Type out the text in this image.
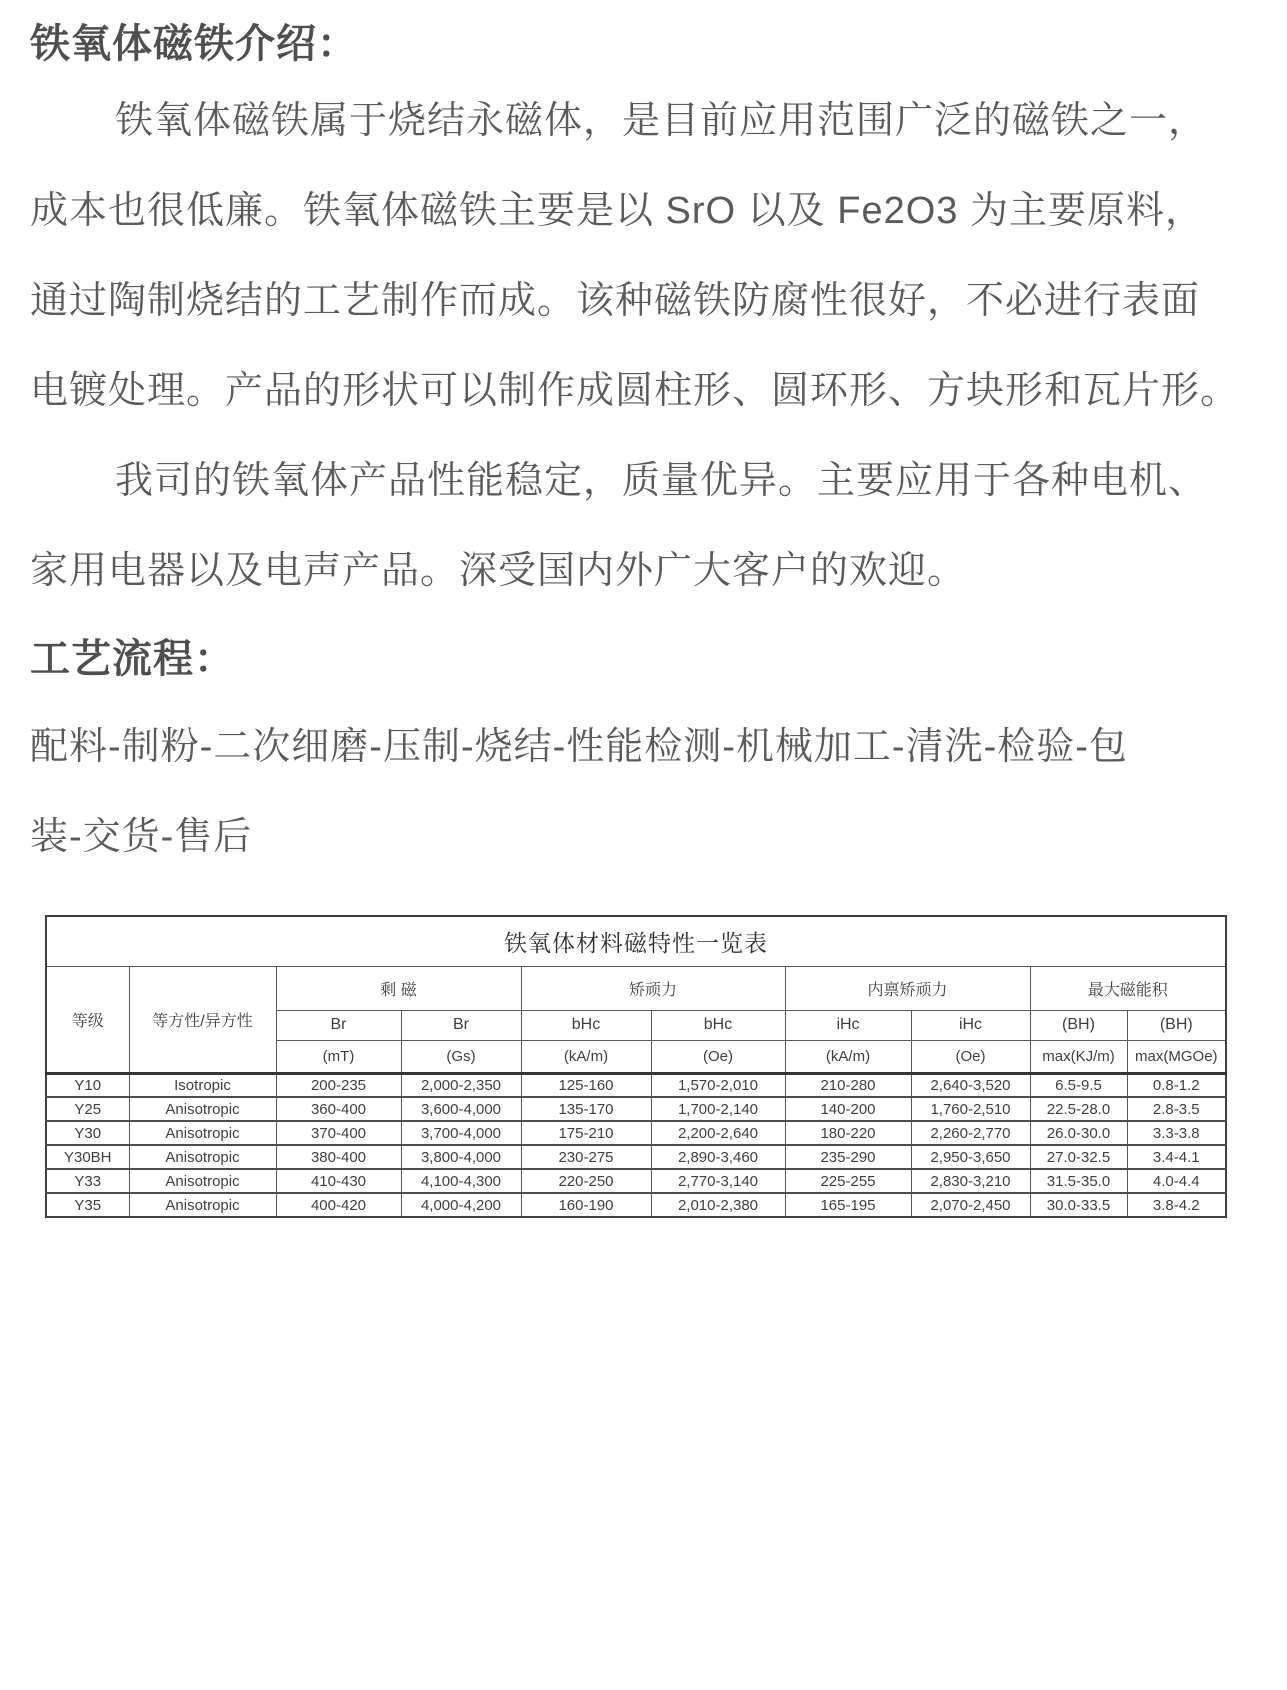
铁氧体磁铁介绍：
铁氧体磁铁属于烧结永磁体，是目前应用范围广泛的磁铁之一，
成本也很低廉。铁氧体磁铁主要是以 SrO 以及 Fe2O3 为主要原料，
通过陶制烧结的工艺制作而成。该种磁铁防腐性很好，不必进行表面
电镀处理。产品的形状可以制作成圆柱形、圆环形、方块形和瓦片形。
我司的铁氧体产品性能稳定，质量优异。主要应用于各种电机、
家用电器以及电声产品。深受国内外广大客户的欢迎。
工艺流程：
配料-制粉-二次细磨-压制-烧结-性能检测-机械加工-清洗-检验-包
装-交货-售后
铁氧体材料磁特性一览表									
等级	等方性/异方性	剩 磁		矫顽力		内禀矫顽力		最大磁能积	
		Br	Br	bHc	bHc	iHc	iHc	(BH)	(BH)
		(mT)	(Gs)	(kA/m)	(Oe)	(kA/m)	(Oe)	max(KJ/m)	max(MGOe)
Y10	Isotropic	200-235	2,000-2,350	125-160	1,570-2,010	210-280	2,640-3,520	6.5-9.5	0.8-1.2
Y25	Anisotropic	360-400	3,600-4,000	135-170	1,700-2,140	140-200	1,760-2,510	22.5-28.0	2.8-3.5
Y30	Anisotropic	370-400	3,700-4,000	175-210	2,200-2,640	180-220	2,260-2,770	26.0-30.0	3.3-3.8
Y30BH	Anisotropic	380-400	3,800-4,000	230-275	2,890-3,460	235-290	2,950-3,650	27.0-32.5	3.4-4.1
Y33	Anisotropic	410-430	4,100-4,300	220-250	2,770-3,140	225-255	2,830-3,210	31.5-35.0	4.0-4.4
Y35	Anisotropic	400-420	4,000-4,200	160-190	2,010-2,380	165-195	2,070-2,450	30.0-33.5	3.8-4.2
